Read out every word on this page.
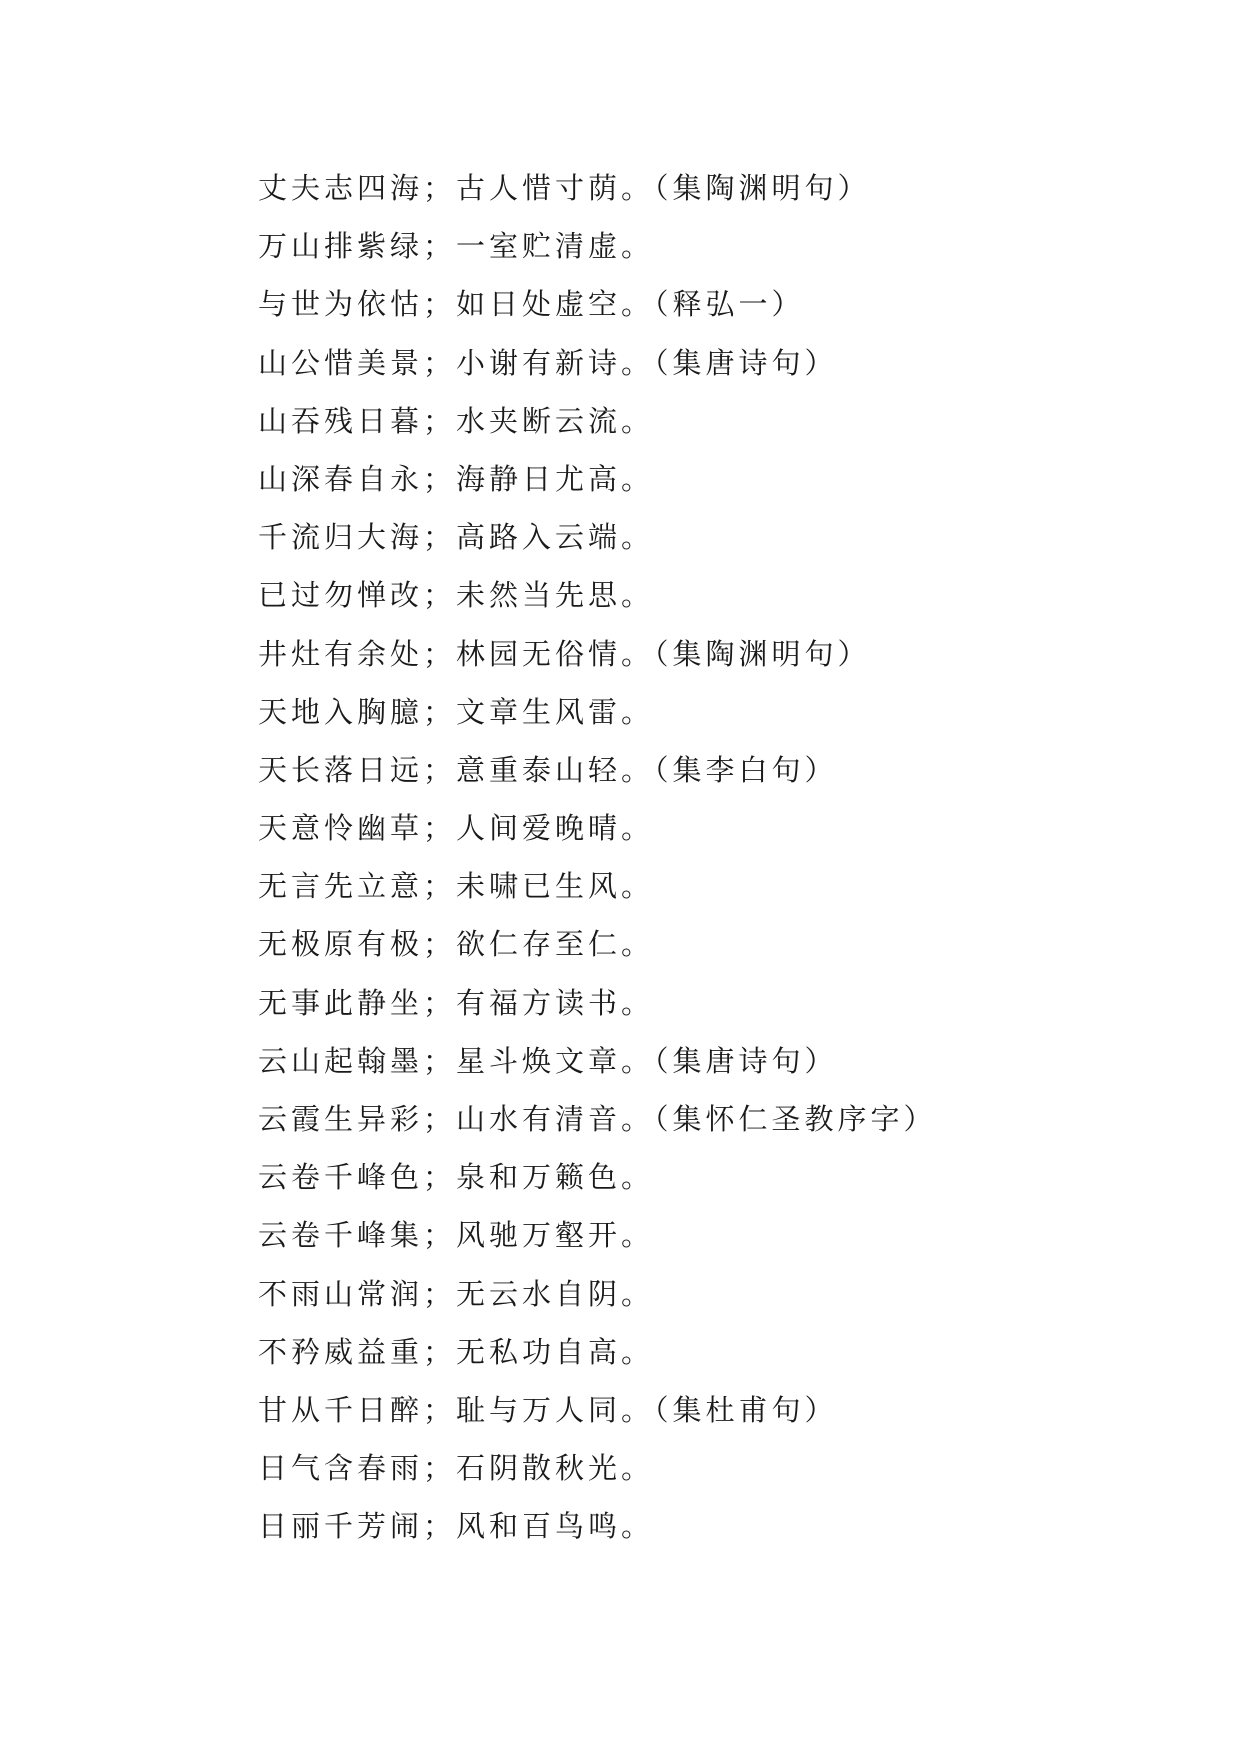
丈夫志四海；古人惜寸荫。（集陶渊明句）
万山排紫绿；一室贮清虚。
与世为依怙；如日处虚空。（释弘一）
山公惜美景；小谢有新诗。（集唐诗句）
山吞残日暮；水夹断云流。
山深春自永；海静日尤高。
千流归大海；高路入云端。
已过勿惮改；未然当先思。
井灶有余处；林园无俗情。（集陶渊明句）
天地入胸臆；文章生风雷。
天长落日远；意重泰山轻。（集李白句）
天意怜幽草；人间爱晚晴。
无言先立意；未啸已生风。
无极原有极；欲仁存至仁。
无事此静坐；有福方读书。
云山起翰墨；星斗焕文章。（集唐诗句）
云霞生异彩；山水有清音。（集怀仁圣教序字）
云卷千峰色；泉和万籁色。
云卷千峰集；风驰万壑开。
不雨山常润；无云水自阴。
不矜威益重；无私功自高。
甘从千日醉；耻与万人同。（集杜甫句）
日气含春雨；石阴散秋光。
日丽千芳闹；风和百鸟鸣。
